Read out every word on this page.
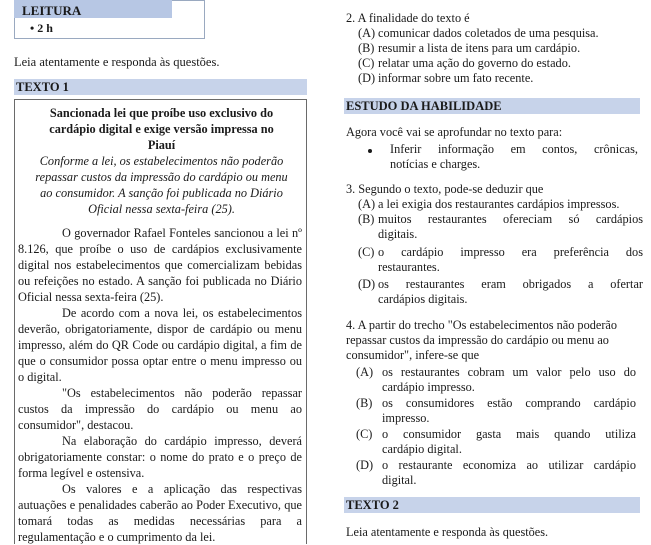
LEITURA
• 2 h
Leia atentamente e responda às questões.
TEXTO 1
Sancionada lei que proíbe uso exclusivo do
cardápio digital e exige versão impressa no
Piauí
Conforme a lei, os estabelecimentos não poderão
repassar custos da impressão do cardápio ou menu
ao consumidor. A sanção foi publicada no Diário
Oficial nessa sexta-feira (25).

O governador Rafael Fonteles sancionou a lei nº 8.126, que proíbe o uso de cardápios exclusivamente digital nos estabelecimentos que comercializam bebidas ou refeições no estado. A sanção foi publicada no Diário Oficial nessa sexta-feira (25).

De acordo com a nova lei, os estabelecimentos deverão, obrigatoriamente, dispor de cardápio ou menu impresso, além do QR Code ou cardápio digital, a fim de que o consumidor possa optar entre o menu impresso ou o digital.

"Os estabelecimentos não poderão repassar custos da impressão do cardápio ou menu ao consumidor", destacou.

Na elaboração do cardápio impresso, deverá obrigatoriamente constar: o nome do prato e o preço de forma legível e ostensiva.

Os valores e a aplicação das respectivas autuações e penalidades caberão ao Poder Executivo, que tomará todas as medidas necessárias para a regulamentação e o cumprimento da lei.

2. A finalidade do texto é
(A) comunicar dados coletados de uma pesquisa.
(B) resumir a lista de itens para um cardápio.
(C) relatar uma ação do governo do estado.
(D) informar sobre um fato recente.
ESTUDO DA HABILIDADE
Agora você vai se aprofundar no texto para:
Inferir informação em contos, crônicas,
notícias e charges.
3. Segundo o texto, pode-se deduzir que
(A) a lei exigia dos restaurantes cardápios impressos.
(B) muitos restaurantes ofereciam só cardápios
digitais.
(C) o cardápio impresso era preferência dos
restaurantes.
(D) os restaurantes eram obrigados a ofertar
cardápios digitais.
4. A partir do trecho "Os estabelecimentos não poderão
repassar custos da impressão do cardápio ou menu ao
consumidor", infere-se que
(A) os restaurantes cobram um valor pelo uso do
cardápio impresso.
(B) os consumidores estão comprando cardápio
impresso.
(C) o consumidor gasta mais quando utiliza
cardápio digital.
(D) o restaurante economiza ao utilizar cardápio
digital.
TEXTO 2
Leia atentamente e responda às questões.
